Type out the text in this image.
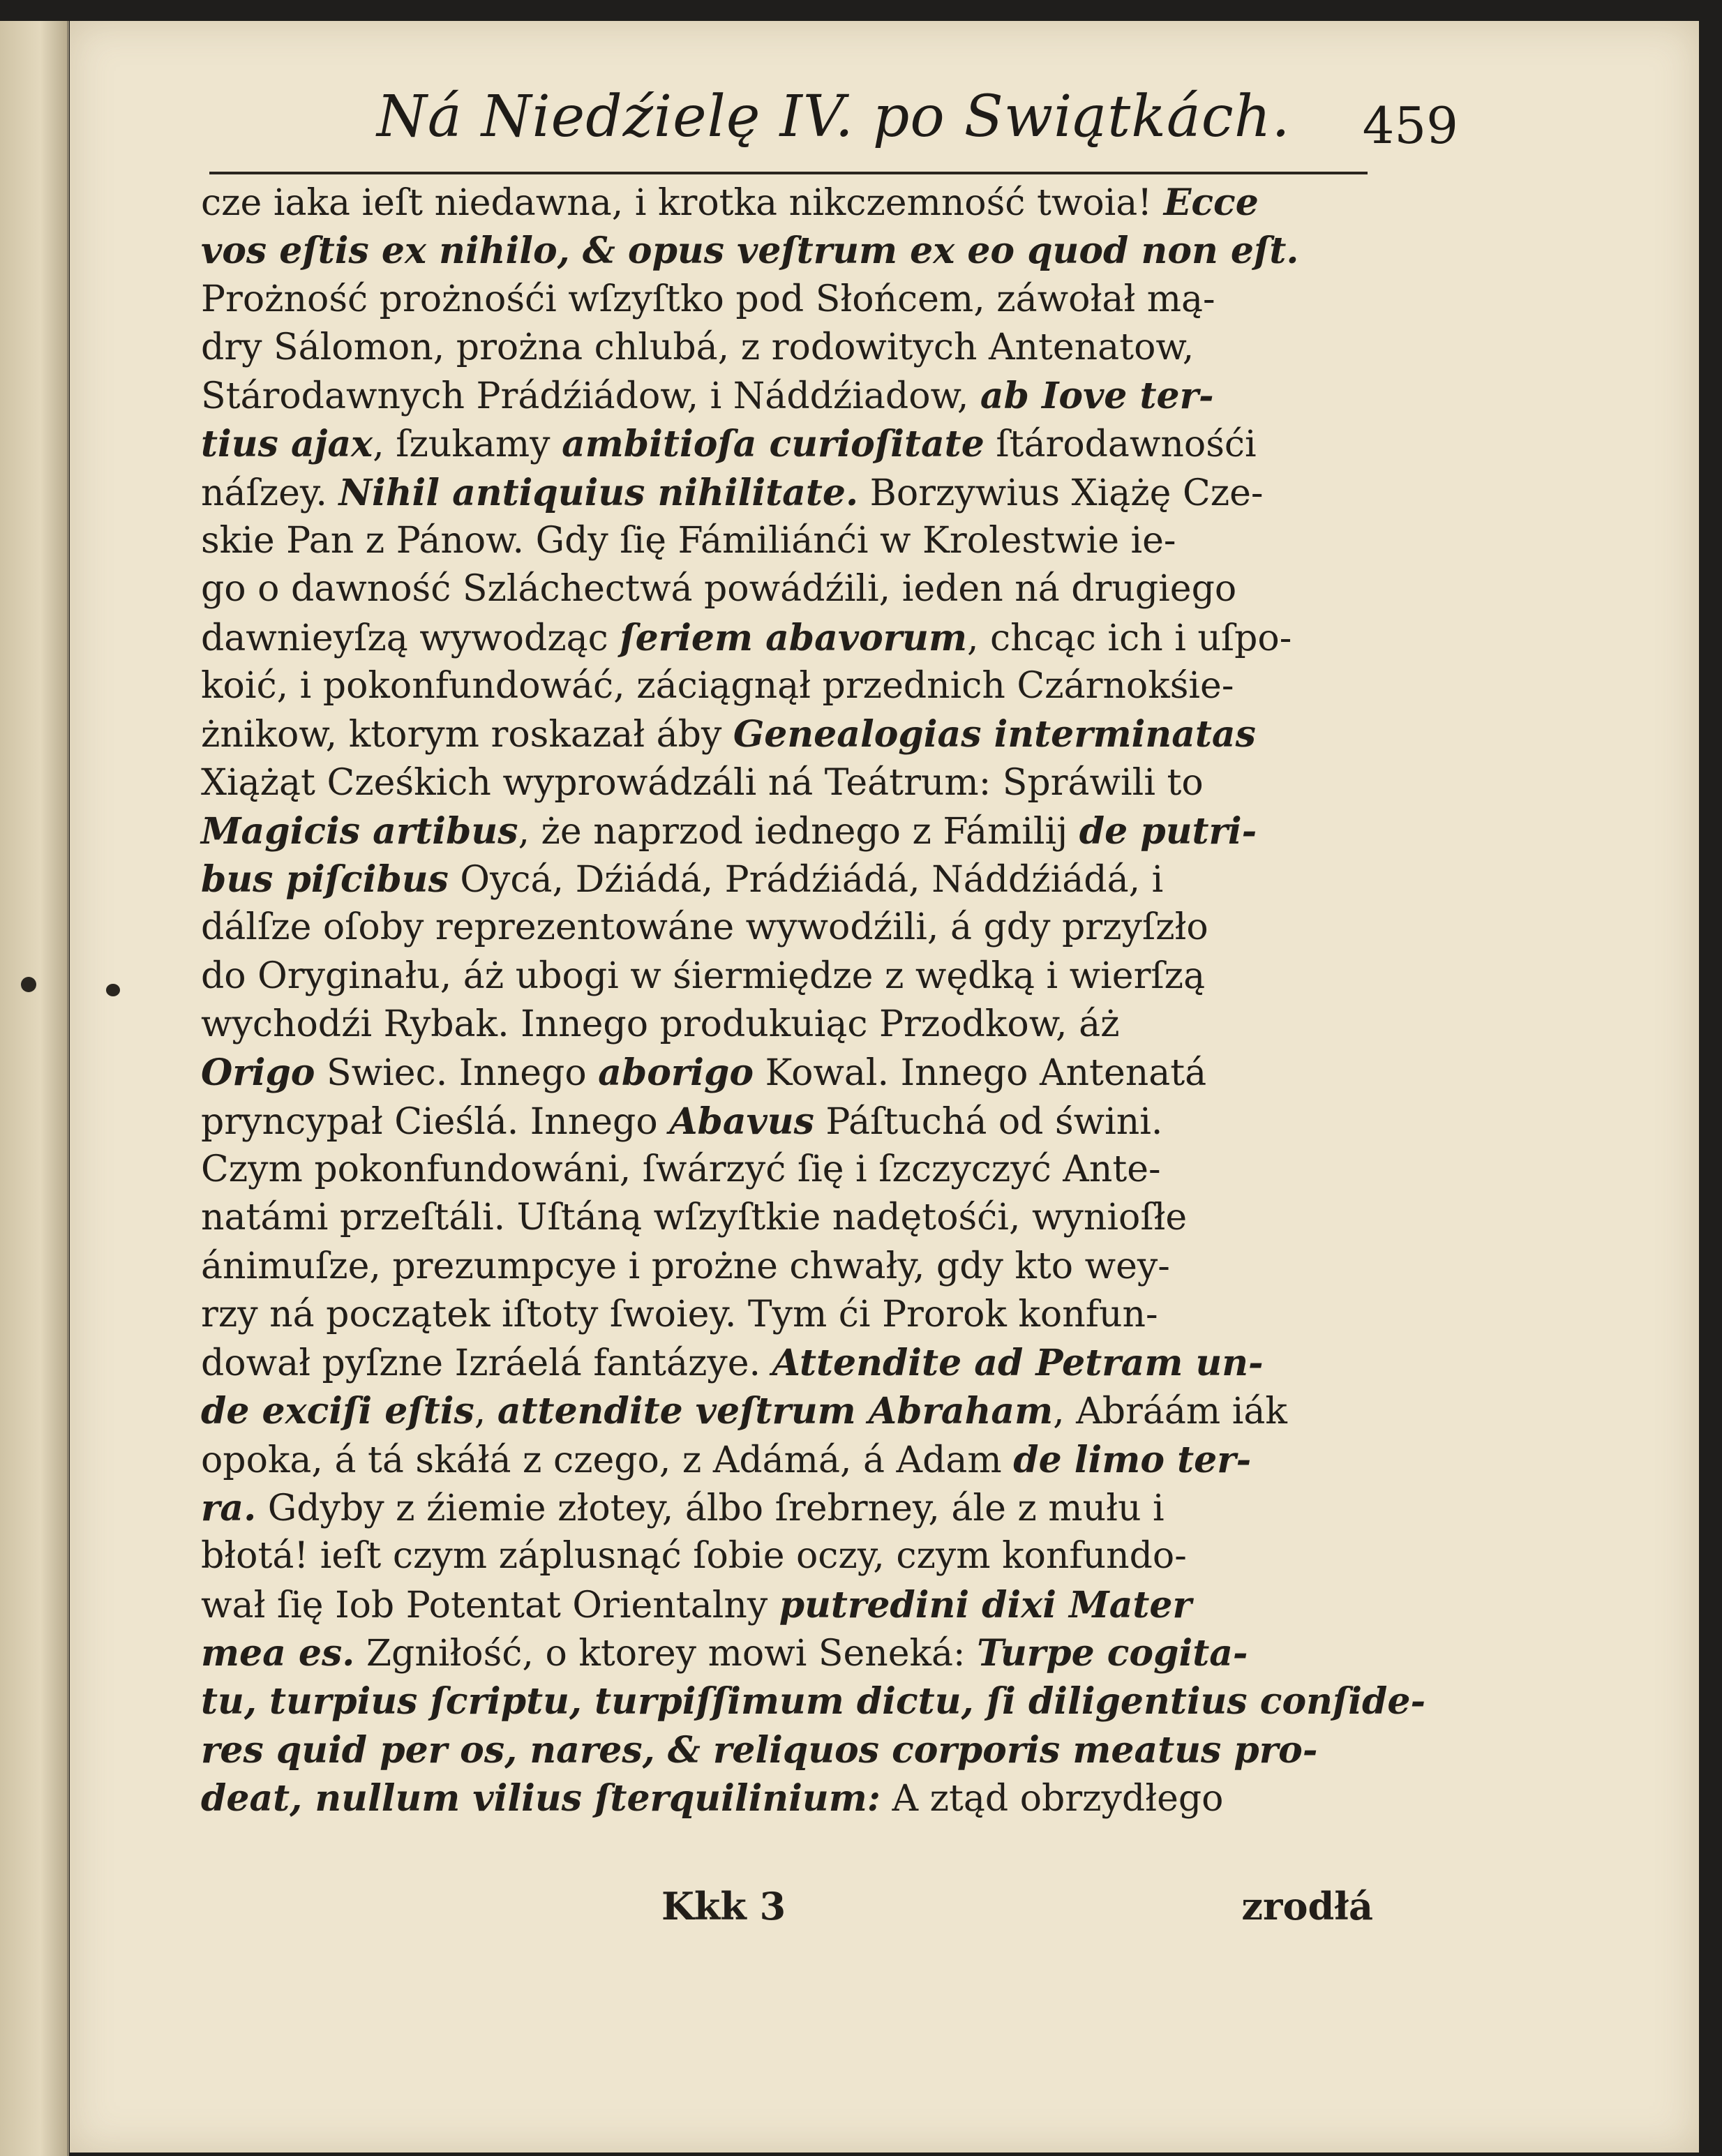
Ná Niedźielę IV. po Swiątkách. 459
cze iaka ieſt niedawna, i krotka nikczemność twoia! Ecce
vos eſtis ex nihilo, & opus veſtrum ex eo quod non eſt.
Prożność prożnośći wſzyſtko pod Słońcem, záwołał mą-
dry Sálomon, prożna chlubá, z rodowitych Antenatow,
Stárodawnych Prádźiádow, i Náddźiadow, ab Iove ter-
tius ajax, ſzukamy ambitioſa curioſitate ſtárodawnośći
náſzey. Nihil antiquius nihilitate. Borzywius Xiążę Cze-
skie Pan z Pánow. Gdy ſię Fámiliánći w Krolestwie ie-
go o dawność Szláchectwá powádźili, ieden ná drugiego
dawnieyſzą wywodząc ſeriem abavorum, chcąc ich i uſpo-
koić, i pokonfundowáć, záciągnął przednich Czárnokśie-
żnikow, ktorym roskazał áby Genealogias interminatas
Xiążąt Cześkich wyprowádzáli ná Teátrum: Spráwili to
Magicis artibus, że naprzod iednego z Fámilij de putri-
bus piſcibus Oycá, Dźiádá, Prádźiádá, Náddźiádá, i
dálſze oſoby reprezentowáne wywodźili, á gdy przyſzło
do Oryginału, áż ubogi w śiermiędze z wędką i wierſzą
wychodźi Rybak. Innego produkuiąc Przodkow, áż
Origo Swiec. Innego aborigo Kowal. Innego Antenatá
pryncypał Cieślá. Innego Abavus Páſtuchá od świni.
Czym pokonfundowáni, ſwárzyć ſię i ſzczyczyć Ante-
natámi przeſtáli. Uſtáną wſzyſtkie nadętośći, wynioſłe
ánimuſze, prezumpcye i prożne chwały, gdy kto wey-
rzy ná początek iſtoty ſwoiey. Tym ći Prorok konfun-
dował pyſzne Izráelá fantázye. Attendite ad Petram un-
de exciſi eſtis, attendite veſtrum Abraham, Abráám iák
opoka, á tá skáłá z czego, z Adámá, á Adam de limo ter-
ra. Gdyby z źiemie złotey, álbo ſrebrney, ále z mułu i
błotá! ieſt czym záplusnąć ſobie oczy, czym konfundo-
wał ſię Iob Potentat Orientalny putredini dixi Mater
mea es. Zgniłość, o ktorey mowi Seneká: Turpe cogita-
tu, turpius ſcriptu, turpiſſimum dictu, ſi diligentius conſide-
res quid per os, nares, & reliquos corporis meatus pro-
deat, nullum vilius ſterquilinium: A ztąd obrzydłego
Kkk 3	zrodłá
